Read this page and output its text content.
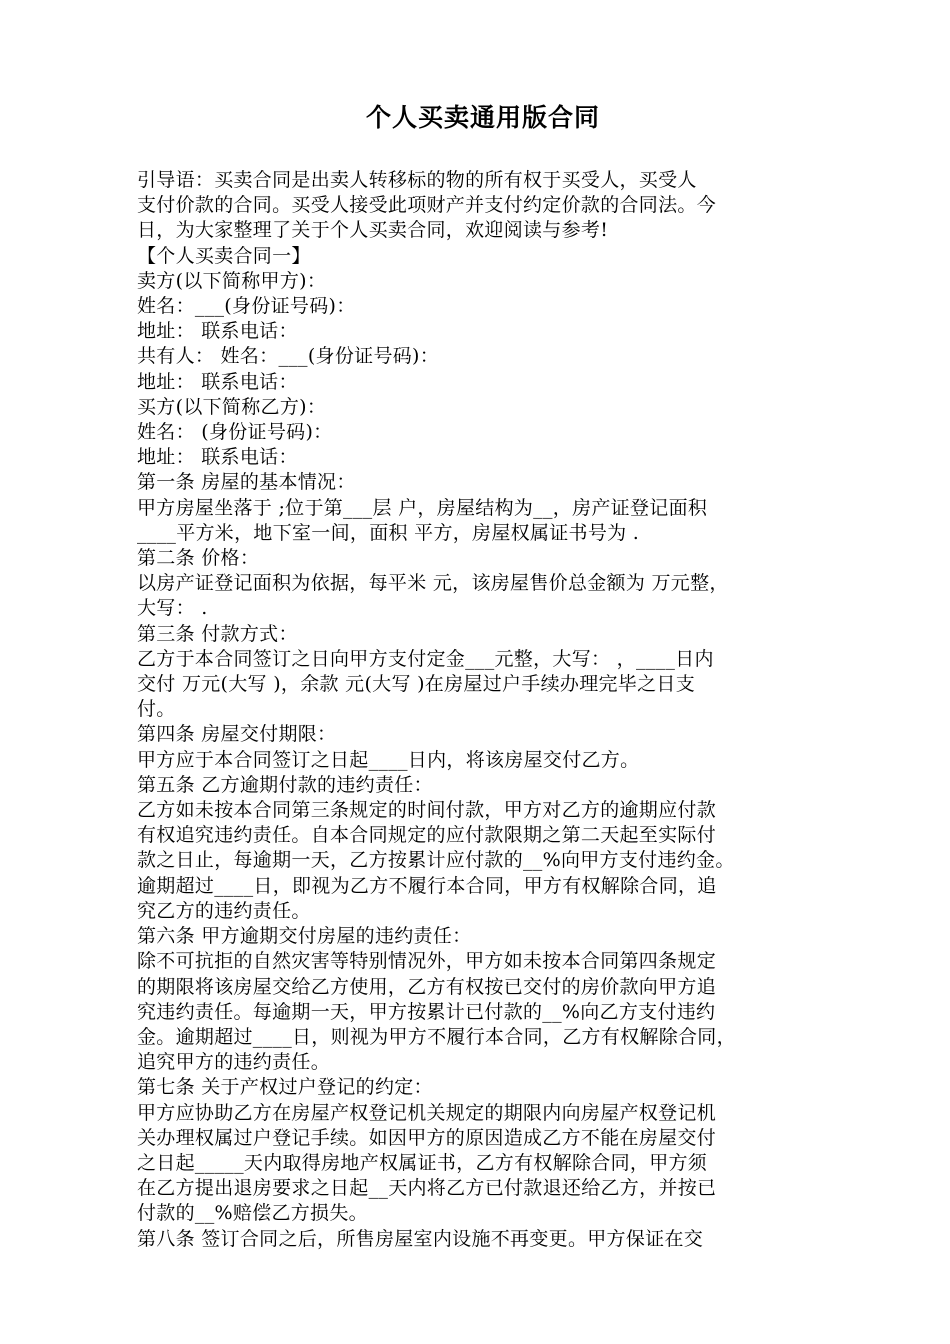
个人买卖通用版合同

引导语：买卖合同是出卖人转移标的物的所有权于买受人，买受人

支付价款的合同。买受人接受此项财产并支付约定价款的合同法。今

日，为大家整理了关于个人买卖合同，欢迎阅读与参考!

【个人买卖合同一】

卖方(以下简称甲方)：

姓名：___(身份证号码)：

地址： 联系电话：

共有人： 姓名：___(身份证号码)：

地址： 联系电话：

买方(以下简称乙方)：

姓名： (身份证号码)：

地址： 联系电话：

第一条 房屋的基本情况：

甲方房屋坐落于 ;位于第___层 户，房屋结构为__，房产证登记面积

____平方米，地下室一间，面积 平方，房屋权属证书号为 .

第二条 价格：

以房产证登记面积为依据，每平米 元，该房屋售价总金额为 万元整，

大写： .

第三条 付款方式：

乙方于本合同签订之日向甲方支付定金___元整，大写： ，____日内

交付 万元(大写 )，余款 元(大写 )在房屋过户手续办理完毕之日支

付。

第四条 房屋交付期限：

甲方应于本合同签订之日起____日内，将该房屋交付乙方。

第五条 乙方逾期付款的违约责任：

乙方如未按本合同第三条规定的时间付款，甲方对乙方的逾期应付款

有权追究违约责任。自本合同规定的应付款限期之第二天起至实际付

款之日止，每逾期一天，乙方按累计应付款的__%向甲方支付违约金。

逾期超过____日，即视为乙方不履行本合同，甲方有权解除合同，追

究乙方的违约责任。

第六条 甲方逾期交付房屋的违约责任：

除不可抗拒的自然灾害等特别情况外，甲方如未按本合同第四条规定

的期限将该房屋交给乙方使用，乙方有权按已交付的房价款向甲方追

究违约责任。每逾期一天，甲方按累计已付款的__%向乙方支付违约

金。逾期超过____日，则视为甲方不履行本合同，乙方有权解除合同，

追究甲方的违约责任。

第七条 关于产权过户登记的约定：

甲方应协助乙方在房屋产权登记机关规定的期限内向房屋产权登记机

关办理权属过户登记手续。如因甲方的原因造成乙方不能在房屋交付

之日起_____天内取得房地产权属证书，乙方有权解除合同，甲方须

在乙方提出退房要求之日起__天内将乙方已付款退还给乙方，并按已

付款的__%赔偿乙方损失。

第八条 签订合同之后，所售房屋室内设施不再变更。甲方保证在交
